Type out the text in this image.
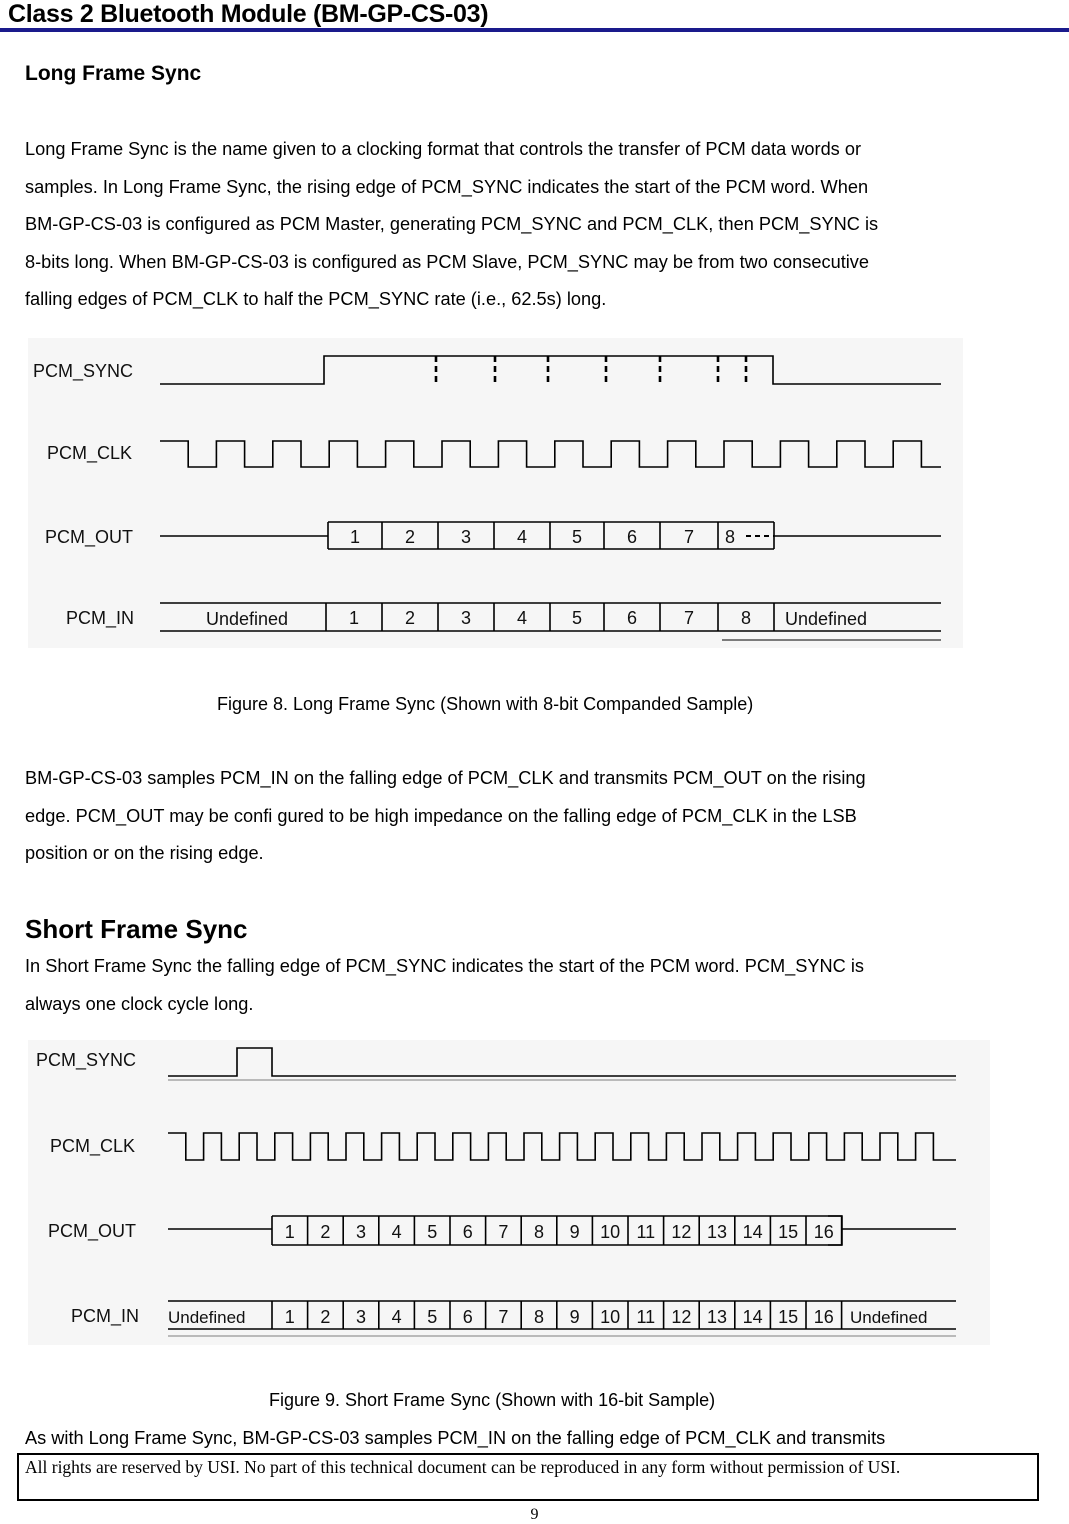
Class 2 Bluetooth Module (BM-GP-CS-03)
Long Frame Sync
Long Frame Sync is the name given to a clocking format that controls the transfer of PCM data words or
samples. In Long Frame Sync, the rising edge of PCM_SYNC indicates the start of the PCM word. When
BM-GP-CS-03 is configured as PCM Master, generating PCM_SYNC and PCM_CLK, then PCM_SYNC is
8-bits long. When BM-GP-CS-03 is configured as PCM Slave, PCM_SYNC may be from two consecutive
falling edges of PCM_CLK to half the PCM_SYNC rate (i.e., 62.5s) long.
PCM_SYNC
PCM_CLK
PCM_OUT
PCM_IN
1 2	3	4 5 6	7 8
Undefined	1	2	3	4 5 6	7	8 Undefined
Figure 8. Long Frame Sync (Shown with 8-bit Companded Sample)
BM-GP-CS-03 samples PCM_IN on the falling edge of PCM_CLK and transmits PCM_OUT on the rising
edge. PCM_OUT may be confi gured to be high impedance on the falling edge of PCM_CLK in the LSB
position or on the rising edge.
Short Frame Sync
In Short Frame Sync the falling edge of PCM_SYNC indicates the start of the PCM word. PCM_SYNC is
always one clock cycle long.
PCM_SYNC
PCM_CLK
PCM_OUT
PCM_IN
1 2 3 4 5 6 7 8 9 10 11 12 13 14 15 16
Undefined 1 2 3 4 5 6 7 8 9 10 11 12 13 14 15 16 Undefined
Figure 9. Short Frame Sync (Shown with 16-bit Sample)
As with Long Frame Sync, BM-GP-CS-03 samples PCM_IN on the falling edge of PCM_CLK and transmits
All rights are reserved by USI. No part of this technical document can be reproduced in any form without permission of USI.
9
